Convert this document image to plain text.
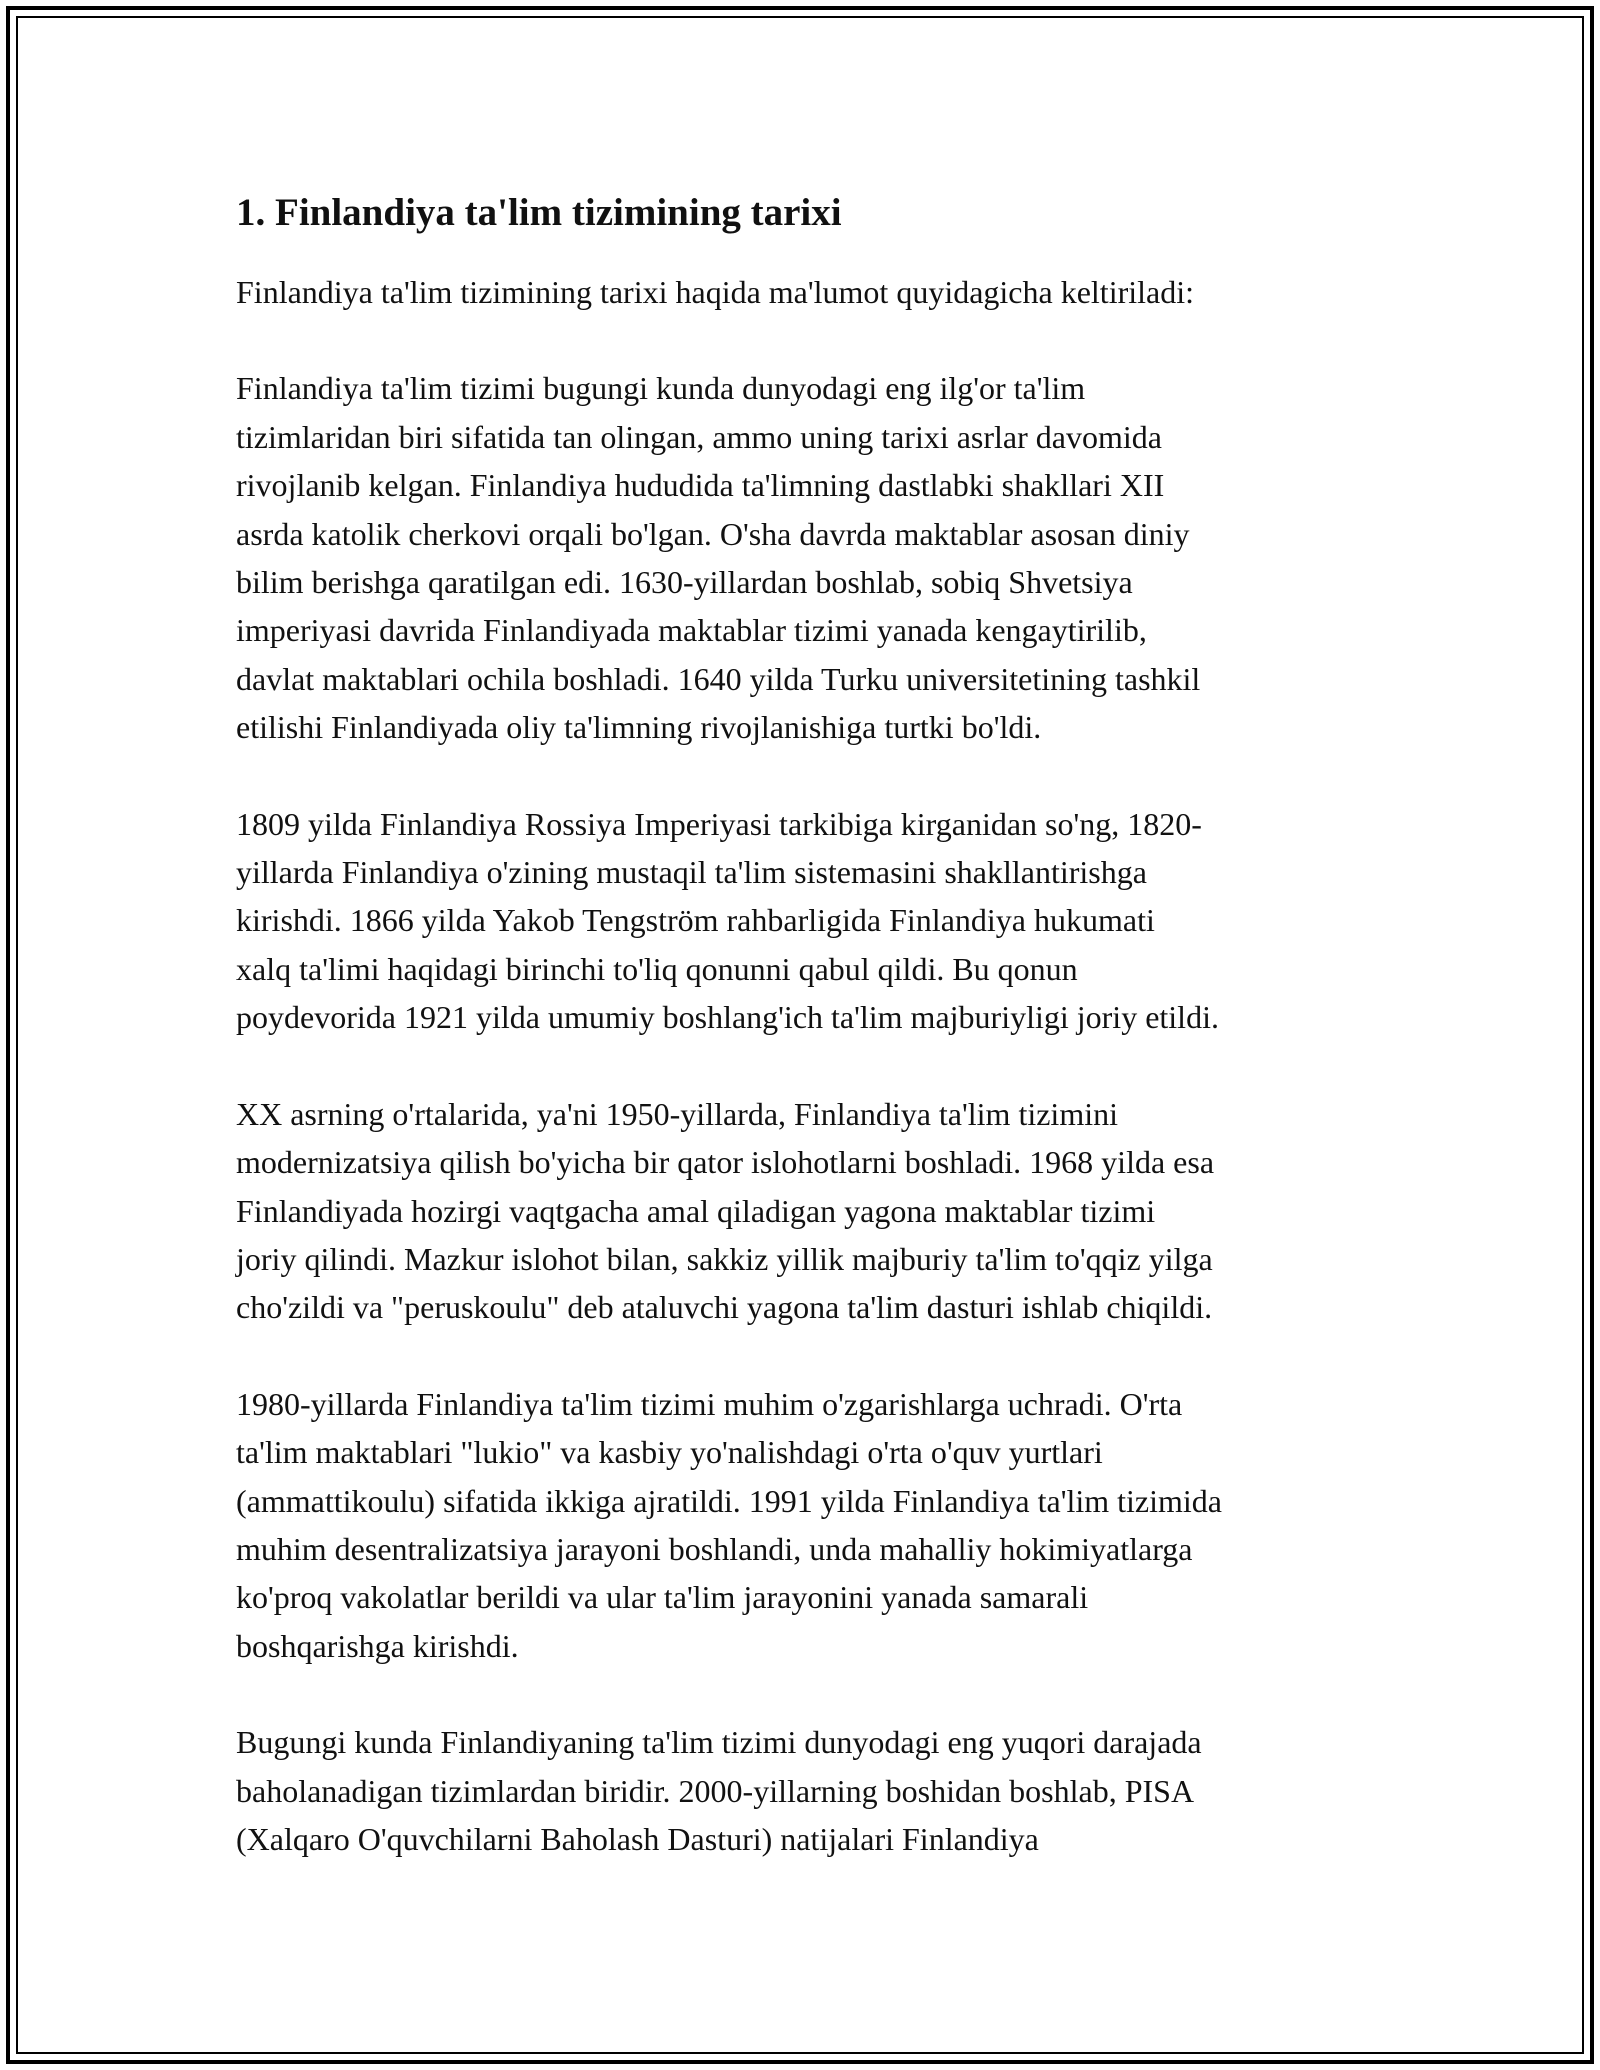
1. Finlandiya ta'lim tizimining tarixi

Finlandiya ta'lim tizimining tarixi haqida ma'lumot quyidagicha keltiriladi:

Finlandiya ta'lim tizimi bugungi kunda dunyodagi eng ilg'or ta'lim
tizimlaridan biri sifatida tan olingan, ammo uning tarixi asrlar davomida
rivojlanib kelgan. Finlandiya hududida ta'limning dastlabki shakllari XII
asrda katolik cherkovi orqali bo'lgan. O'sha davrda maktablar asosan diniy
bilim berishga qaratilgan edi. 1630-yillardan boshlab, sobiq Shvetsiya
imperiyasi davrida Finlandiyada maktablar tizimi yanada kengaytirilib,
davlat maktablari ochila boshladi. 1640 yilda Turku universitetining tashkil
etilishi Finlandiyada oliy ta'limning rivojlanishiga turtki bo'ldi.

1809 yilda Finlandiya Rossiya Imperiyasi tarkibiga kirganidan so'ng, 1820-
yillarda Finlandiya o'zining mustaqil ta'lim sistemasini shakllantirishga
kirishdi. 1866 yilda Yakob Tengström rahbarligida Finlandiya hukumati
xalq ta'limi haqidagi birinchi to'liq qonunni qabul qildi. Bu qonun
poydevorida 1921 yilda umumiy boshlang'ich ta'lim majburiyligi joriy etildi.

XX asrning o'rtalarida, ya'ni 1950-yillarda, Finlandiya ta'lim tizimini
modernizatsiya qilish bo'yicha bir qator islohotlarni boshladi. 1968 yilda esa
Finlandiyada hozirgi vaqtgacha amal qiladigan yagona maktablar tizimi
joriy qilindi. Mazkur islohot bilan, sakkiz yillik majburiy ta'lim to'qqiz yilga
cho'zildi va "peruskoulu" deb ataluvchi yagona ta'lim dasturi ishlab chiqildi.

1980-yillarda Finlandiya ta'lim tizimi muhim o'zgarishlarga uchradi. O'rta
ta'lim maktablari "lukio" va kasbiy yo'nalishdagi o'rta o'quv yurtlari
(ammattikoulu) sifatida ikkiga ajratildi. 1991 yilda Finlandiya ta'lim tizimida
muhim desentralizatsiya jarayoni boshlandi, unda mahalliy hokimiyatlarga
ko'proq vakolatlar berildi va ular ta'lim jarayonini yanada samarali
boshqarishga kirishdi.

Bugungi kunda Finlandiyaning ta'lim tizimi dunyodagi eng yuqori darajada
baholanadigan tizimlardan biridir. 2000-yillarning boshidan boshlab, PISA
(Xalqaro O'quvchilarni Baholash Dasturi) natijalari Finlandiya
